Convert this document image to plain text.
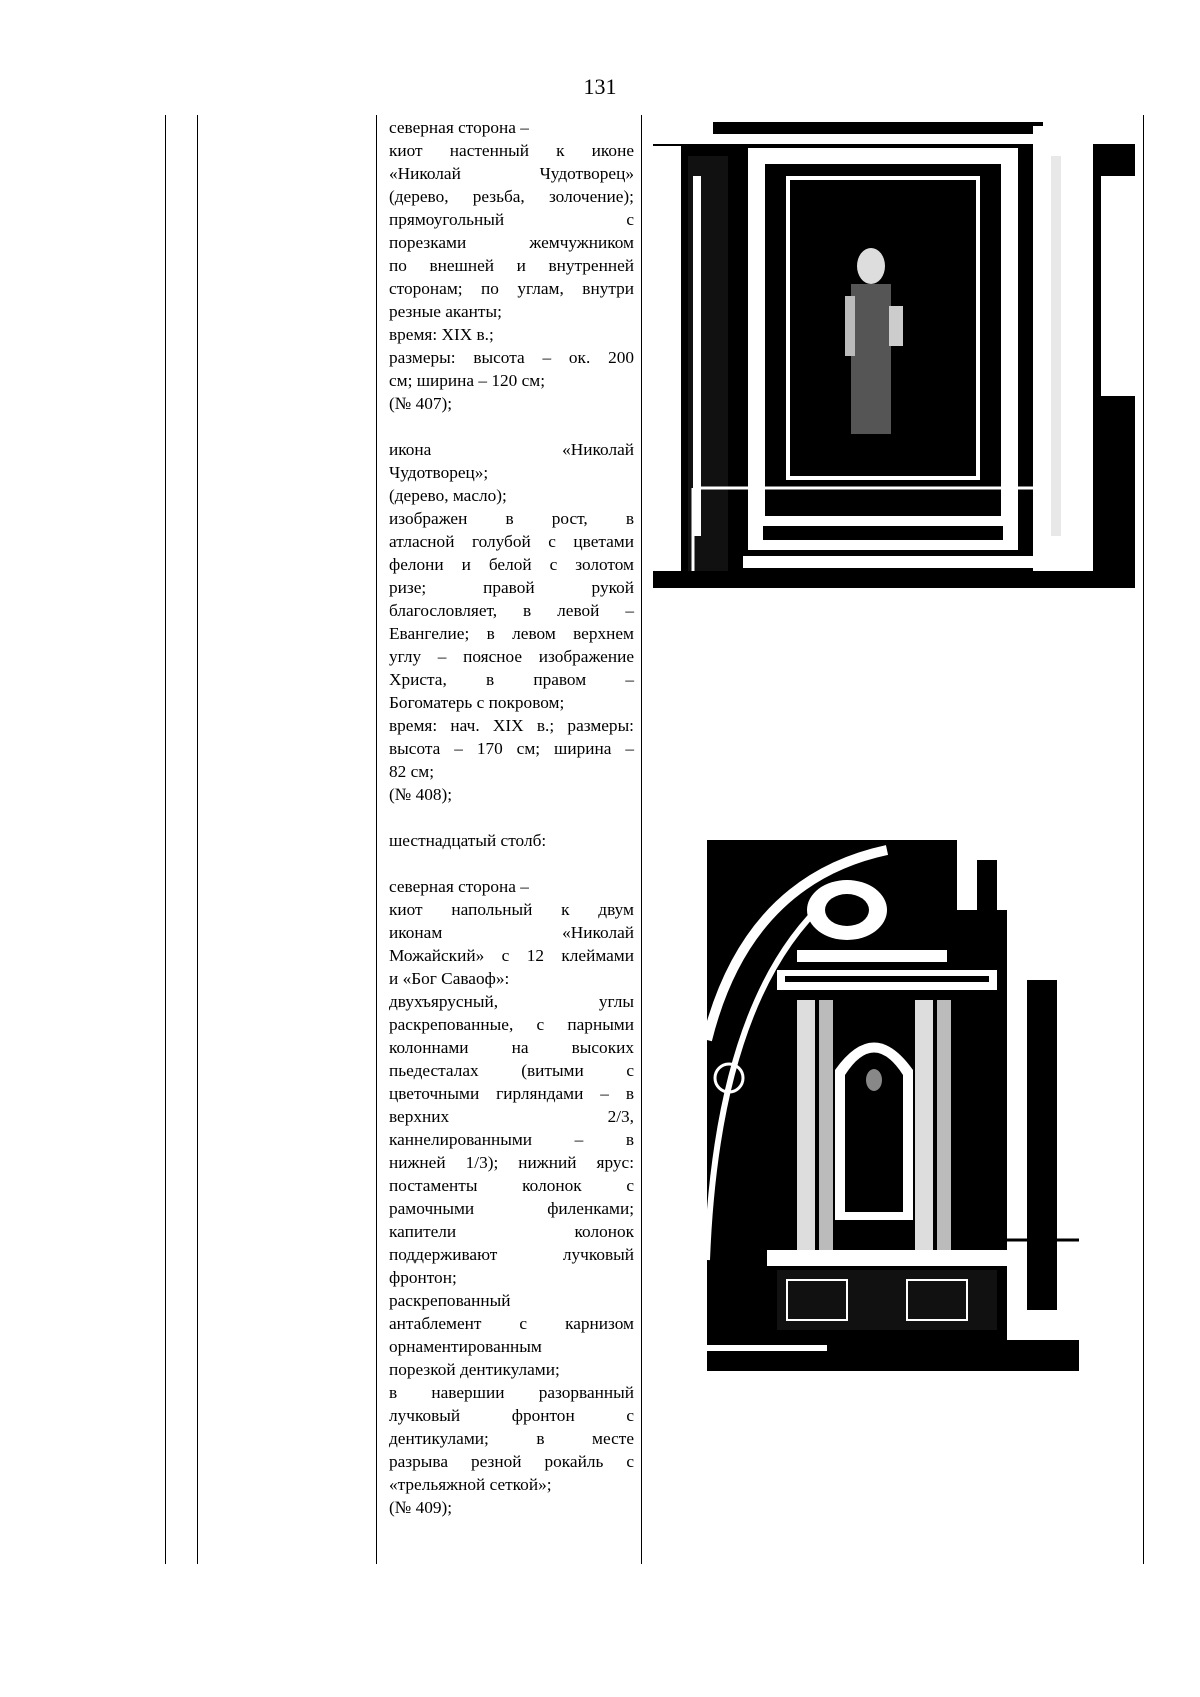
131
северная сторона –
киот настенный к иконе
«Николай Чудотворец»
(дерево, резьба, золочение);
прямоугольный с
порезками жемчужником
по внешней и внутренней
сторонам; по углам, внутри
резные аканты;
время: XIX в.;
размеры: высота – ок. 200
см; ширина – 120 см;
(№ 407);
икона «Николай
Чудотворец»;
(дерево, масло);
изображен в рост, в
атласной голубой с цветами
фелони и белой с золотом
ризе; правой рукой
благословляет, в левой –
Евангелие; в левом верхнем
углу – поясное изображение
Христа, в правом –
Богоматерь с покровом;
время: нач. XIX в.; размеры:
высота – 170 см; ширина –
82 см;
(№ 408);
шестнадцатый столб:
северная сторона –
киот напольный к двум
иконам «Николай
Можайский» с 12 клеймами
и «Бог Саваоф»:
двухъярусный, углы
раскрепованные, с парными
колоннами на высоких
пьедесталах (витыми с
цветочными гирляндами – в
верхних 2/3,
каннелированными – в
нижней 1/3); нижний ярус:
постаменты колонок с
рамочными филенками;
капители колонок
поддерживают лучковый
фронтон;
раскрепованный
антаблемент с карнизом
орнаментированным
порезкой дентикулами;
в навершии разорванный
лучковый фронтон с
дентикулами; в месте
разрыва резной рокайль с
«трельяжной сеткой»;
(№ 409);
